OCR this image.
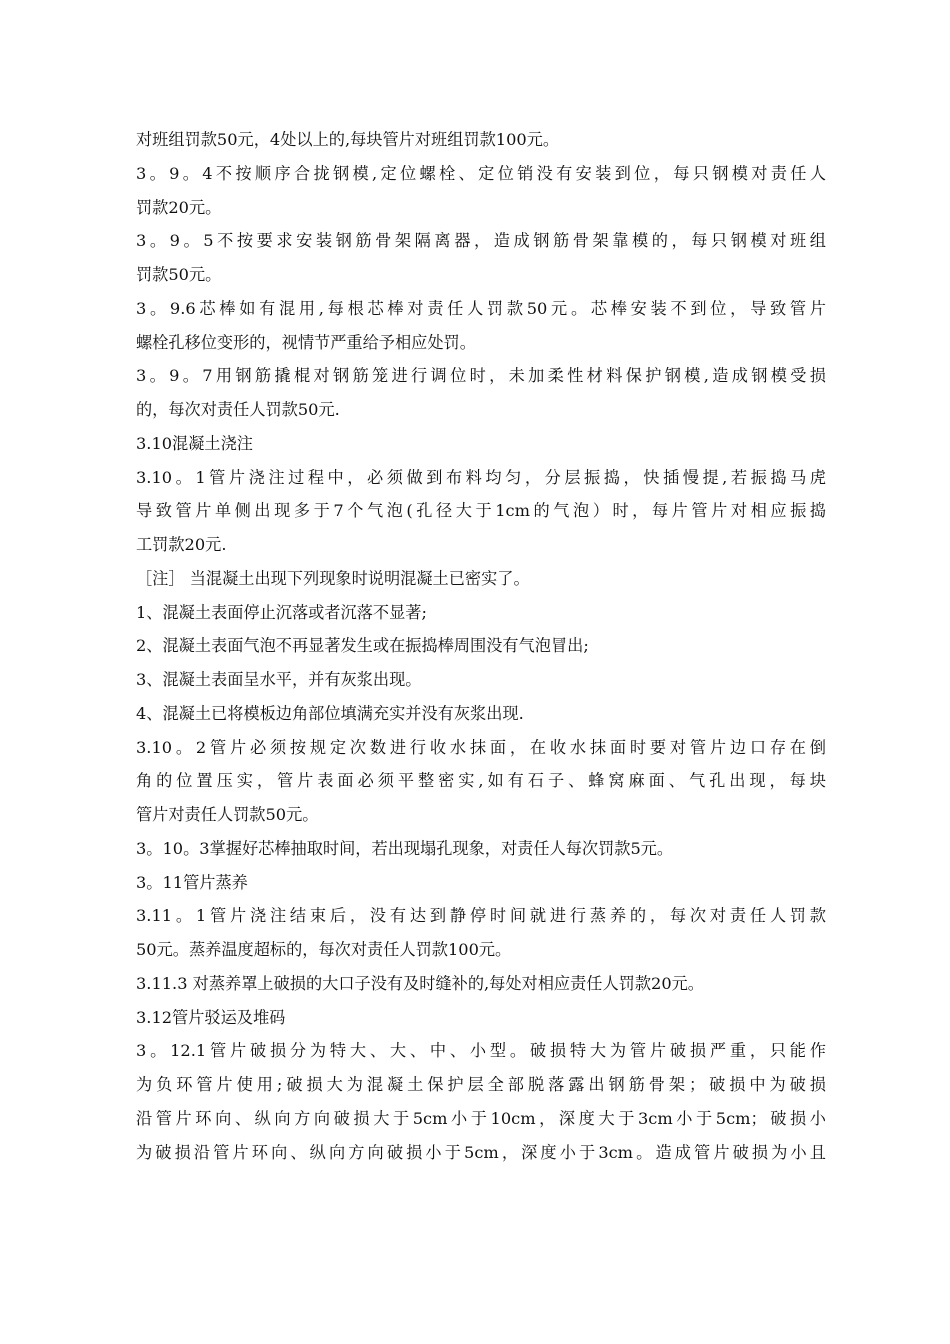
对班组罚款50元，4处以上的,每块管片对班组罚款100元。
3。9。4不按顺序合拢钢模,定位螺栓、定位销没有安装到位，每只钢模对责任人
罚款20元。
3。9。5不按要求安装钢筋骨架隔离器，造成钢筋骨架靠模的，每只钢模对班组
罚款50元。
3。9.6芯棒如有混用,每根芯棒对责任人罚款50元。芯棒安装不到位，导致管片
螺栓孔移位变形的，视情节严重给予相应处罚。
3。9。7用钢筋撬棍对钢筋笼进行调位时，未加柔性材料保护钢模,造成钢模受损
的，每次对责任人罚款50元.
3.10混凝土浇注
3.10。1管片浇注过程中，必须做到布料均匀，分层振捣，快插慢提,若振捣马虎
导致管片单侧出现多于7个气泡(孔径大于1cm的气泡）时，每片管片对相应振捣
工罚款20元.
［注］ 当混凝土出现下列现象时说明混凝土已密实了。
1、混凝土表面停止沉落或者沉落不显著;
2、混凝土表面气泡不再显著发生或在振捣棒周围没有气泡冒出;
3、混凝土表面呈水平，并有灰浆出现。
4、混凝土已将模板边角部位填满充实并没有灰浆出现.
3.10。2管片必须按规定次数进行收水抹面，在收水抹面时要对管片边口存在倒
角的位置压实，管片表面必须平整密实,如有石子、蜂窝麻面、气孔出现，每块
管片对责任人罚款50元。
3。10。3掌握好芯棒抽取时间，若出现塌孔现象，对责任人每次罚款5元。
3。11管片蒸养
3.11。1管片浇注结束后，没有达到静停时间就进行蒸养的，每次对责任人罚款
50元。蒸养温度超标的，每次对责任人罚款100元。
3.11.3 对蒸养罩上破损的大口子没有及时缝补的,每处对相应责任人罚款20元。
3.12管片驳运及堆码
3。12.1管片破损分为特大、大、中、小型。破损特大为管片破损严重，只能作
为负环管片使用;破损大为混凝土保护层全部脱落露出钢筋骨架；破损中为破损
沿管片环向、纵向方向破损大于5cm小于10cm，深度大于3cm小于5cm；破损小
为破损沿管片环向、纵向方向破损小于5cm，深度小于3cm。造成管片破损为小且
